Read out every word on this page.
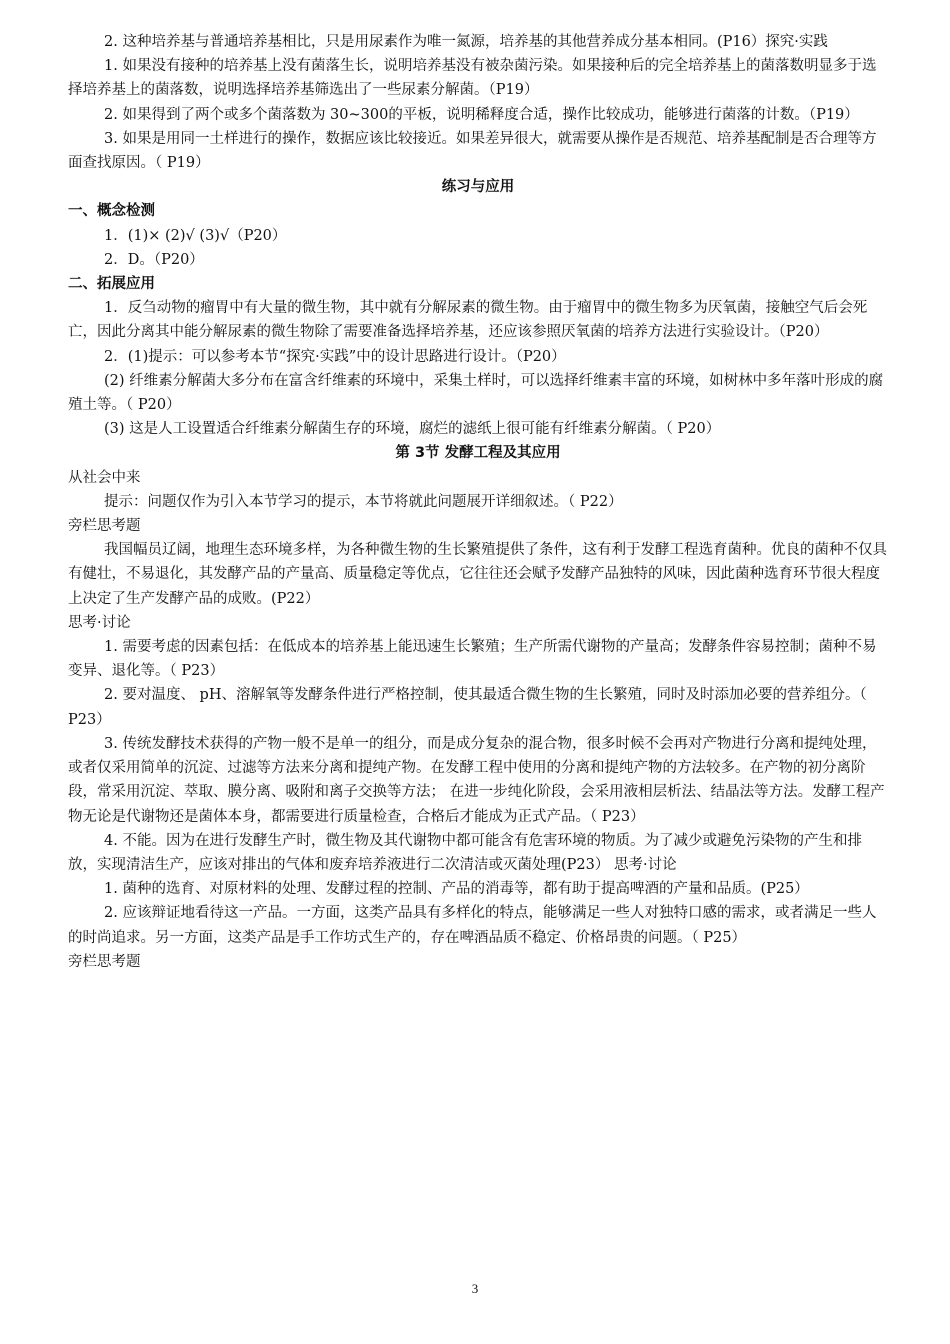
2. 这种培养基与普通培养基相比，只是用尿素作为唯一氮源，培养基的其他营养成分基本相同。(P16）探究·实践

1. 如果没有接种的培养基上没有菌落生长，说明培养基没有被杂菌污染。如果接种后的完全培养基上的菌落数明显多于选择培养基上的菌落数，说明选择培养基筛选出了一些尿素分解菌。（P19）

2. 如果得到了两个或多个菌落数为 30~300的平板，说明稀释度合适，操作比较成功，能够进行菌落的计数。（P19）

3. 如果是用同一土样进行的操作，数据应该比较接近。如果差异很大，就需要从操作是否规范、培养基配制是否合理等方面查找原因。（ P19）

练习与应用

一、概念检测

1．(1)× (2)√ (3)√（P20）

2．D。（P20）

二、拓展应用

1．反刍动物的瘤胃中有大量的微生物，其中就有分解尿素的微生物。由于瘤胃中的微生物多为厌氧菌，接触空气后会死亡，因此分离其中能分解尿素的微生物除了需要准备选择培养基，还应该参照厌氧菌的培养方法进行实验设计。（P20）

2．(1)提示：可以参考本节“探究·实践”中的设计思路进行设计。（P20）

(2) 纤维素分解菌大多分布在富含纤维素的环境中，采集土样时，可以选择纤维素丰富的环境，如树林中多年落叶形成的腐殖土等。（ P20）

(3) 这是人工设置适合纤维素分解菌生存的环境，腐烂的滤纸上很可能有纤维素分解菌。（ P20）

第 3节 发酵工程及其应用

从社会中来

提示：问题仅作为引入本节学习的提示，本节将就此问题展开详细叙述。（ P22）

旁栏思考题

我国幅员辽阔，地理生态环境多样，为各种微生物的生长繁殖提供了条件，这有利于发酵工程选育菌种。优良的菌种不仅具有健壮，不易退化，其发酵产品的产量高、质量稳定等优点，它往往还会赋予发酵产品独特的风味，因此菌种选育环节很大程度上决定了生产发酵产品的成败。(P22）

思考·讨论

1. 需要考虑的因素包括：在低成本的培养基上能迅速生长繁殖；生产所需代谢物的产量高；发酵条件容易控制；菌种不易变异、退化等。（ P23）

2. 要对温度、 pH、溶解氧等发酵条件进行严格控制，使其最适合微生物的生长繁殖，同时及时添加必要的营养组分。（ P23）

3. 传统发酵技术获得的产物一般不是单一的组分，而是成分复杂的混合物，很多时候不会再对产物进行分离和提纯处理，或者仅采用简单的沉淀、过滤等方法来分离和提纯产物。在发酵工程中使用的分离和提纯产物的方法较多。在产物的初分离阶段，常采用沉淀、萃取、膜分离、吸附和离子交换等方法； 在进一步纯化阶段，会采用液相层析法、结晶法等方法。发酵工程产物无论是代谢物还是菌体本身，都需要进行质量检查，合格后才能成为正式产品。（ P23）

4. 不能。因为在进行发酵生产时，微生物及其代谢物中都可能含有危害环境的物质。为了减少或避免污染物的产生和排放，实现清洁生产，应该对排出的气体和废弃培养液进行二次清洁或灭菌处理(P23） 思考·讨论

1. 菌种的选育、对原材料的处理、发酵过程的控制、产品的消毒等，都有助于提高啤酒的产量和品质。(P25）

2. 应该辩证地看待这一产品。一方面，这类产品具有多样化的特点，能够满足一些人对独特口感的需求，或者满足一些人的时尚追求。另一方面，这类产品是手工作坊式生产的，存在啤酒品质不稳定、价格昂贵的问题。（ P25）

旁栏思考题

3
